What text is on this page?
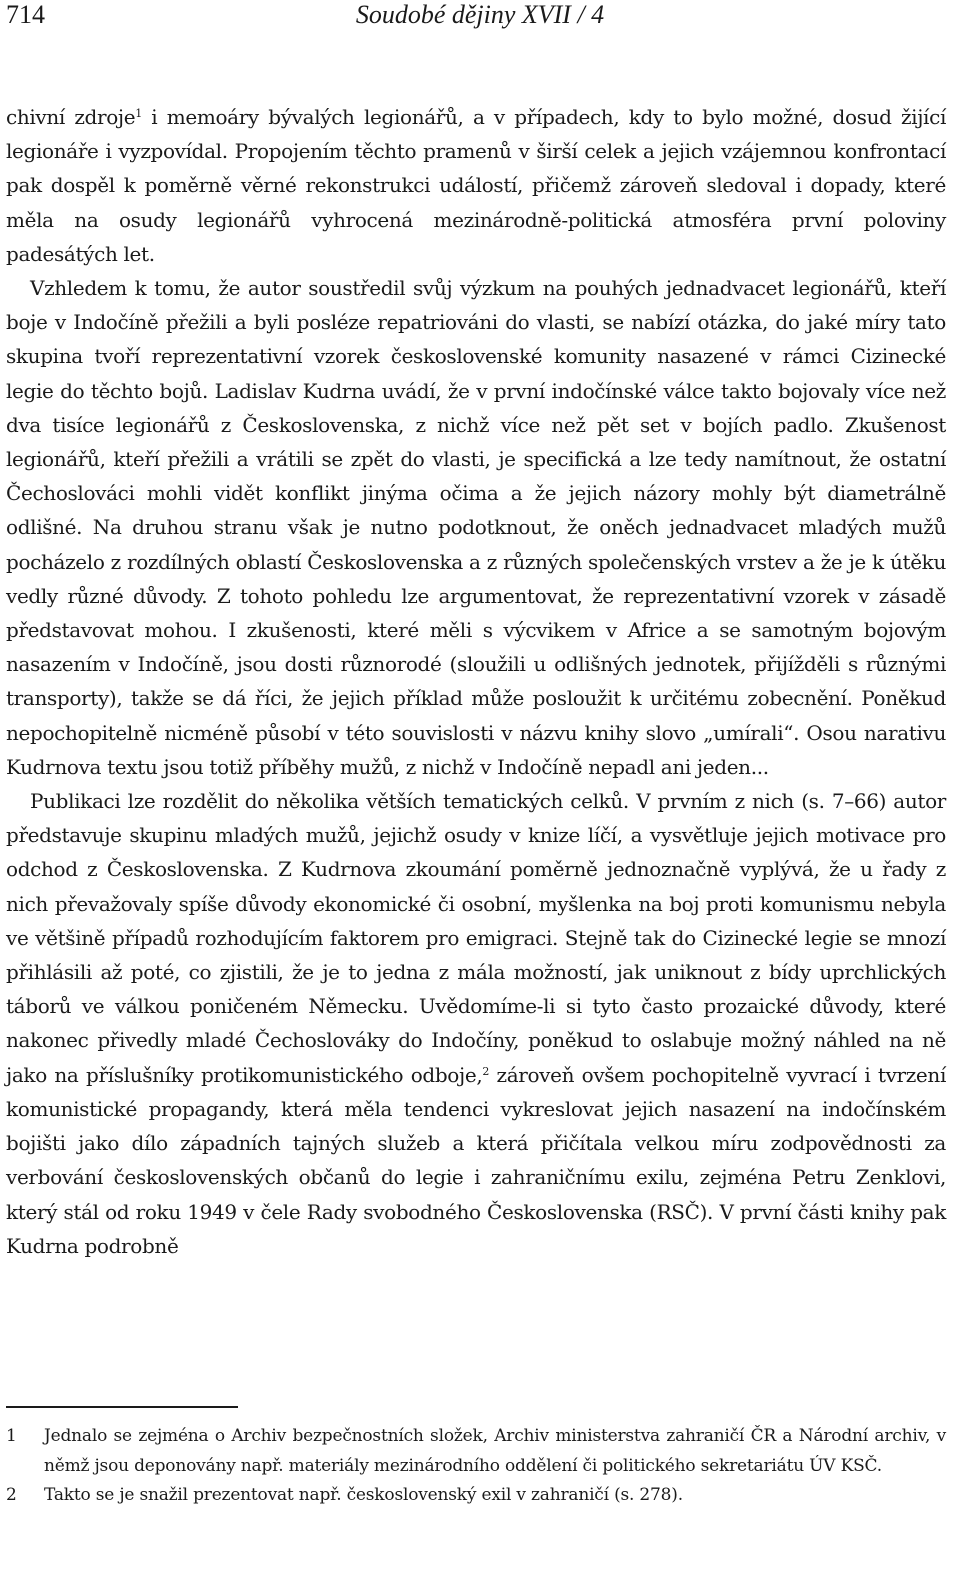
714	Soudobé dějiny XVII / 4

chivní zdroje$^1$ i memoáry bývalých legionářů, a v případech, kdy to bylo možné, dosud žijící legionáře i vyzpovídal. Propojením těchto pramenů v širší celek a jejich vzájemnou konfrontací pak dospěl k poměrně věrné rekonstrukci událostí, přičemž zároveň sledoval i dopady, které měla na osudy legionářů vyhrocená mezinárodně-politická atmosféra první poloviny padesátých let.

Vzhledem k tomu, že autor soustředil svůj výzkum na pouhých jednadvacet legionářů, kteří boje v Indočíně přežili a byli posléze repatriováni do vlasti, se nabízí otázka, do jaké míry tato skupina tvoří reprezentativní vzorek československé komunity nasazené v rámci Cizinecké legie do těchto bojů. Ladislav Kudrna uvádí, že v první indočínské válce takto bojovaly více než dva tisíce legionářů z Československa, z nichž více než pět set v bojích padlo. Zkušenost legionářů, kteří přežili a vrátili se zpět do vlasti, je specifická a lze tedy namítnout, že ostatní Čechoslováci mohli vidět konflikt jinýma očima a že jejich názory mohly být diametrálně odlišné. Na druhou stranu však je nutno podotknout, že oněch jednadvacet mladých mužů pocházelo z rozdílných oblastí Československa a z různých společenských vrstev a že je k útěku vedly různé důvody. Z tohoto pohledu lze argumentovat, že reprezentativní vzorek v zásadě představovat mohou. I zkušenosti, které měli s výcvikem v Africe a se samotným bojovým nasazením v Indočíně, jsou dosti různorodé (sloužili u odlišných jednotek, přijížděli s různými transporty), takže se dá říci, že jejich příklad může posloužit k určitému zobecnění. Poněkud nepochopitelně nicméně působí v této souvislosti v názvu knihy slovo „umírali“. Osou narativu Kudrnova textu jsou totiž příběhy mužů, z nichž v Indočíně nepadl ani jeden...

Publikaci lze rozdělit do několika větších tematických celků. V prvním z nich (s. 7–66) autor představuje skupinu mladých mužů, jejichž osudy v knize líčí, a vysvětluje jejich motivace pro odchod z Československa. Z Kudrnova zkoumání poměrně jednoznačně vyplývá, že u řady z nich převažovaly spíše důvody ekonomické či osobní, myšlenka na boj proti komunismu nebyla ve většině případů rozhodujícím faktorem pro emigraci. Stejně tak do Cizinecké legie se mnozí přihlásili až poté, co zjistili, že je to jedna z mála možností, jak uniknout z bídy uprchlických táborů ve válkou poničeném Německu. Uvědomíme-li si tyto často prozaické důvody, které nakonec přivedly mladé Čechoslováky do Indočíny, poněkud to oslabuje možný náhled na ně jako na příslušníky protikomunistického odboje,$^2$ zároveň ovšem pochopitelně vyvrací i tvrzení komunistické propagandy, která měla tendenci vykreslovat jejich nasazení na indočínském bojišti jako dílo západních tajných služeb a která přičítala velkou míru zodpovědnosti za verbování československých občanů do legie i zahraničnímu exilu, zejména Petru Zenklovi, který stál od roku 1949 v čele Rady svobodného Československa (RSČ). V první části knihy pak Kudrna podrobně

1 Jednalo se zejména o Archiv bezpečnostních složek, Archiv ministerstva zahraničí ČR a Národní archiv, v němž jsou deponovány např. materiály mezinárodního oddělení či politického sekretariátu ÚV KSČ.
2 Takto se je snažil prezentovat např. československý exil v zahraničí (s. 278).
